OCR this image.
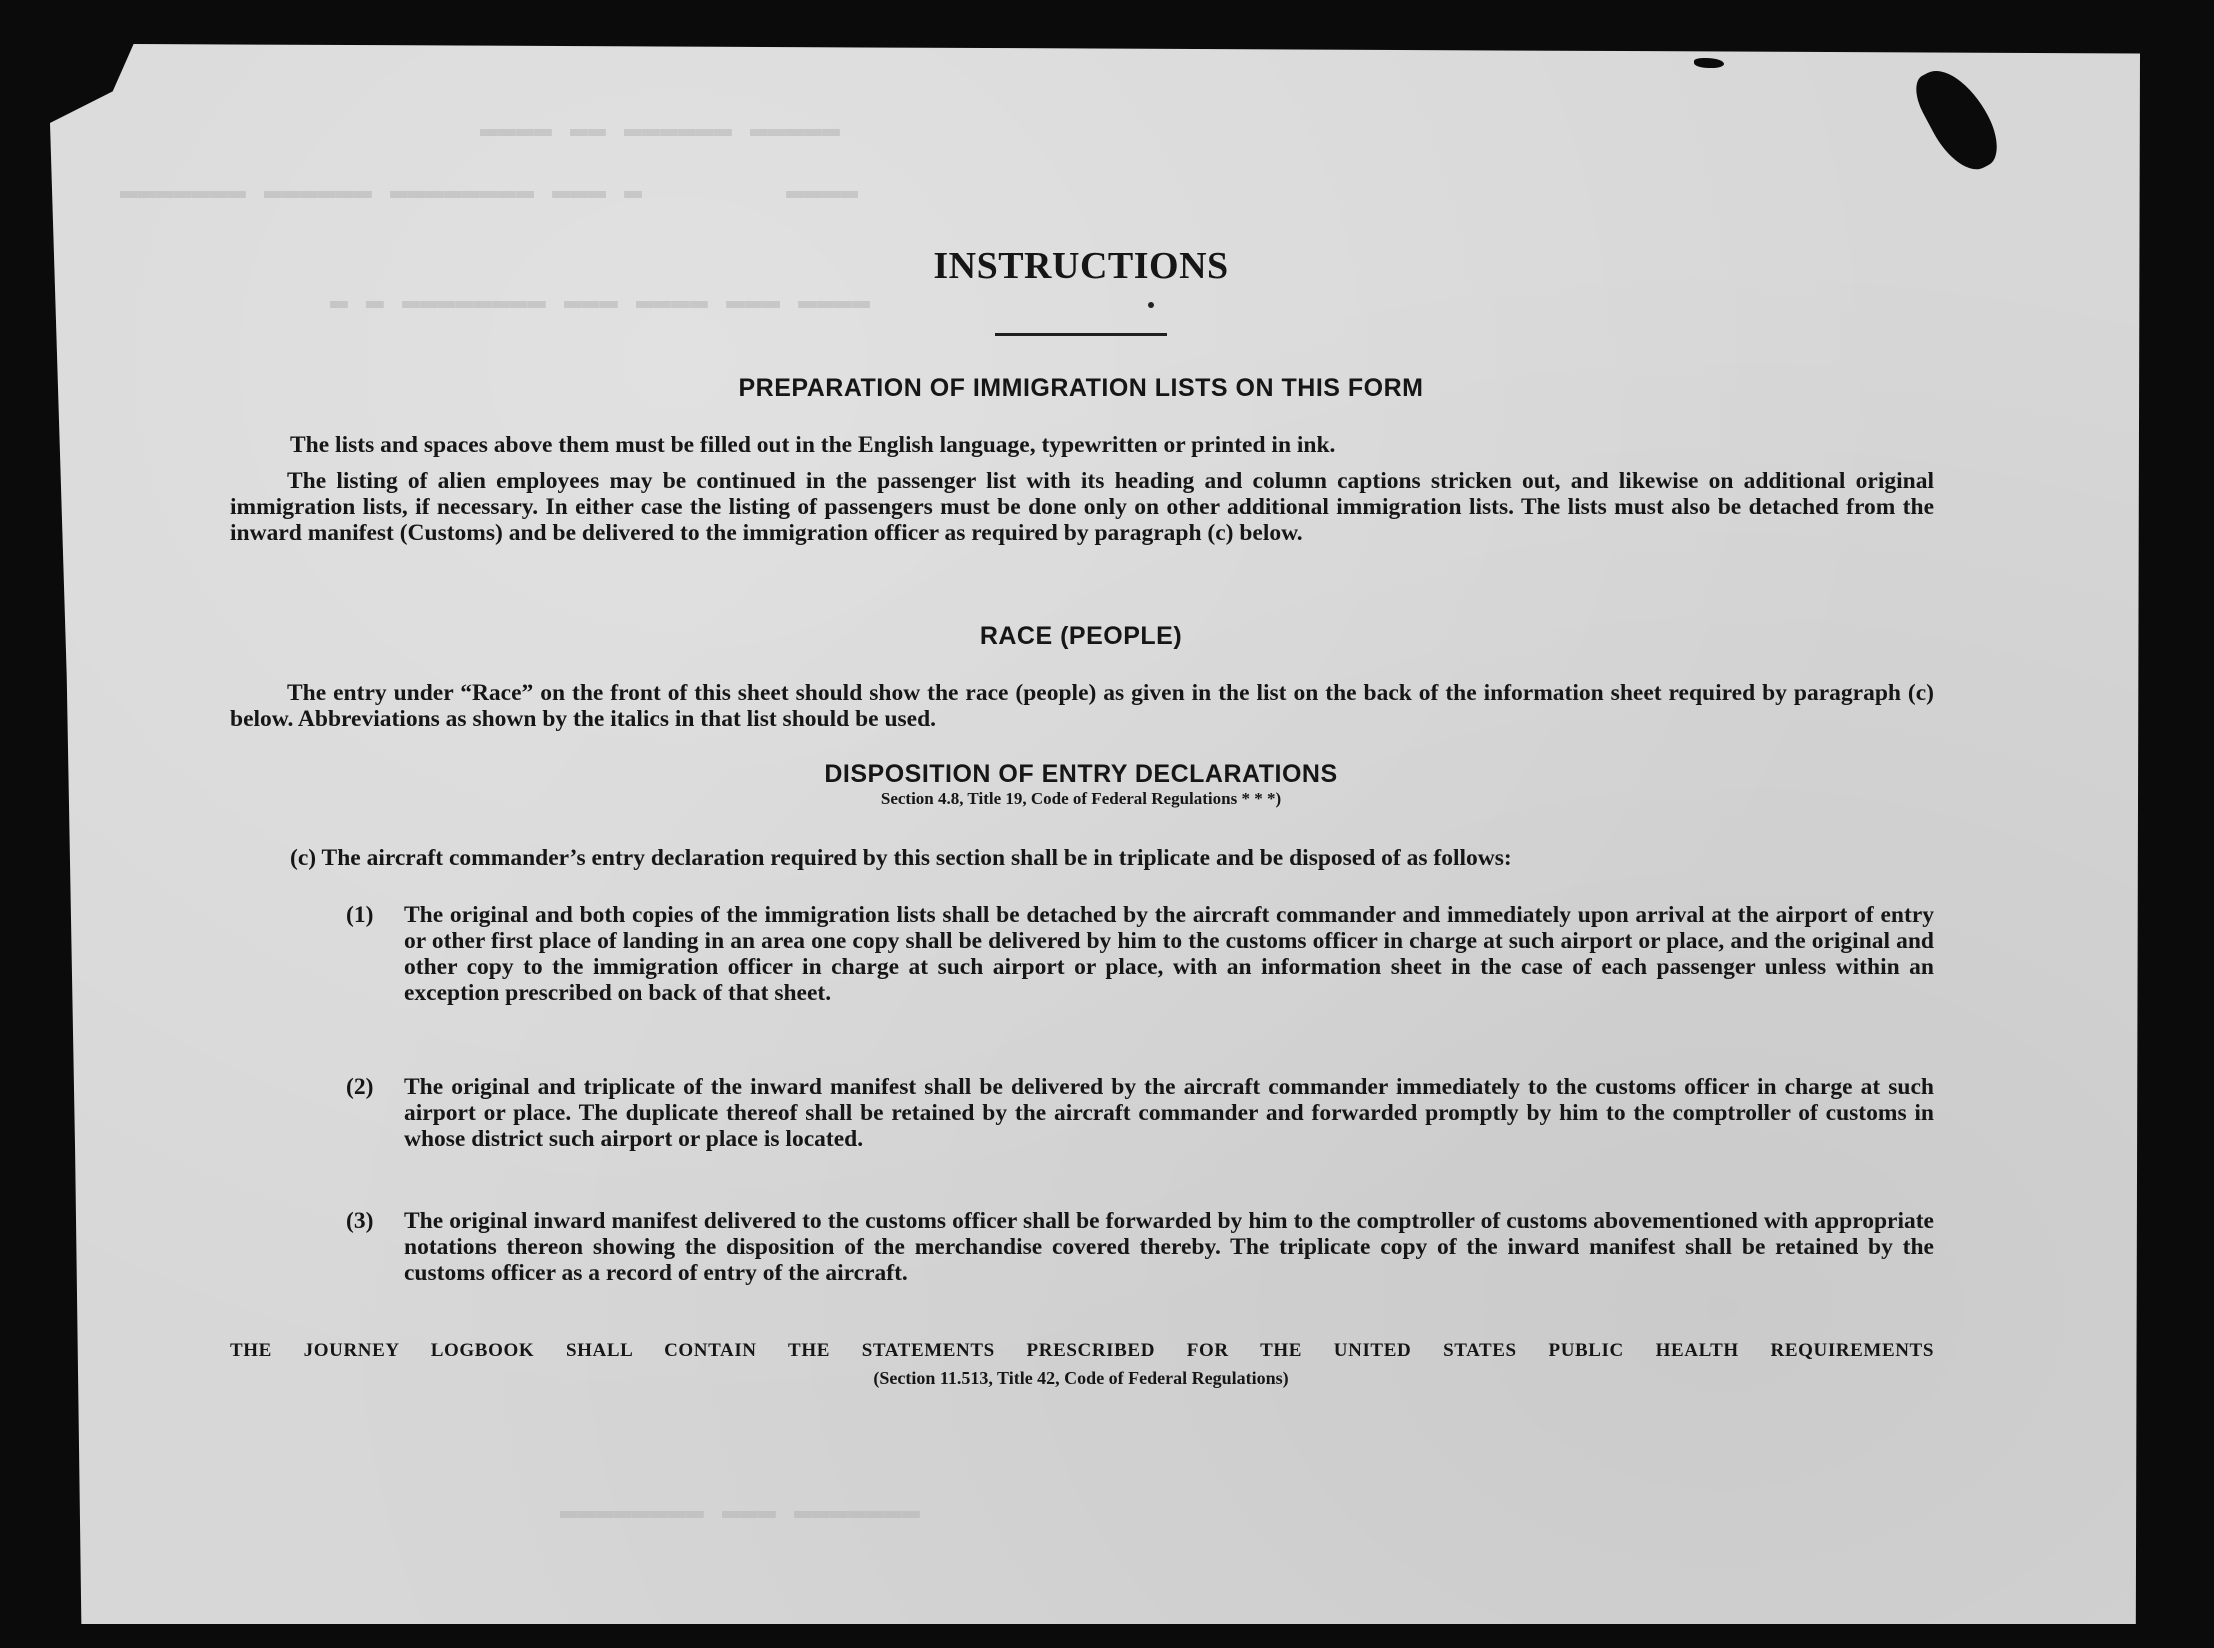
▬▬▬▬ ▬▬ ▬▬▬▬▬▬ ▬▬▬▬▬
▬▬▬▬▬▬▬ ▬▬▬▬▬▬ ▬▬▬▬▬▬▬▬ ▬▬▬ ▬        ▬▬▬▬
▬ ▬ ▬▬▬▬▬▬▬▬ ▬▬▬ ▬▬▬▬ ▬▬▬ ▬▬▬▬
▬▬▬▬▬▬▬▬ ▬▬▬ ▬▬▬▬▬▬▬
INSTRUCTIONS
PREPARATION OF IMMIGRATION LISTS ON THIS FORM

The lists and spaces above them must be filled out in the English language, typewritten or printed in ink.

The listing of alien employees may be continued in the passenger list with its heading and column captions stricken out, and likewise on additional original immigration lists, if necessary. In either case the listing of passengers must be done only on other additional immigration lists. The lists must also be detached from the inward manifest (Customs) and be delivered to the immigration officer as required by paragraph (c) below.

RACE (PEOPLE)

The entry under “Race” on the front of this sheet should show the race (people) as given in the list on the back of the information sheet required by paragraph (c) below. Abbreviations as shown by the italics in that list should be used.

DISPOSITION OF ENTRY DECLARATIONS
Section 4.8, Title 19, Code of Federal Regulations * * *)

(c) The aircraft commander’s entry declaration required by this section shall be in triplicate and be disposed of as follows:

(1) The original and both copies of the immigration lists shall be detached by the aircraft commander and immediately upon arrival at the airport of entry or other first place of landing in an area one copy shall be delivered by him to the customs officer in charge at such airport or place, and the original and other copy to the immigration officer in charge at such airport or place, with an information sheet in the case of each passenger unless within an exception prescribed on back of that sheet.
(2) The original and triplicate of the inward manifest shall be delivered by the aircraft commander immediately to the customs officer in charge at such airport or place. The duplicate thereof shall be retained by the aircraft commander and forwarded promptly by him to the comptroller of customs in whose district such airport or place is located.
(3) The original inward manifest delivered to the customs officer shall be forwarded by him to the comptroller of customs abovementioned with appropriate notations thereon showing the disposition of the merchandise covered thereby. The triplicate copy of the inward manifest shall be retained by the customs officer as a record of entry of the aircraft.
THE JOURNEY LOGBOOK SHALL CONTAIN THE STATEMENTS PRESCRIBED FOR THE UNITED STATES PUBLIC HEALTH REQUIREMENTS
(Section 11.513, Title 42, Code of Federal Regulations)
